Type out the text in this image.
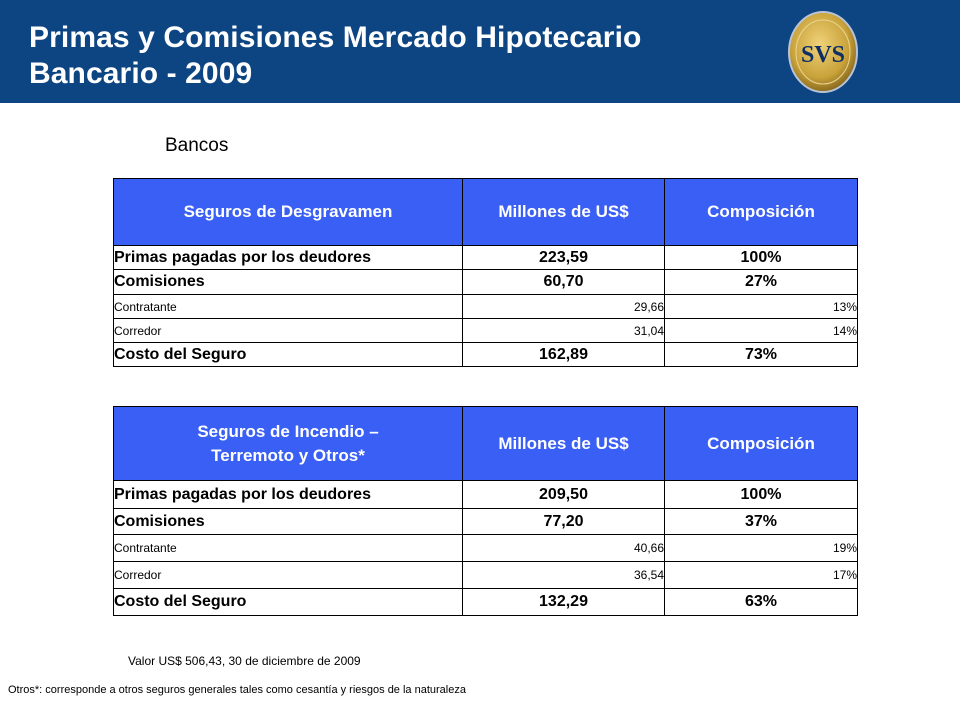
Primas y Comisiones Mercado Hipotecario
Bancario - 2009
SVS
Bancos
Seguros de Desgravamen	Millones de US$	Composición
Primas pagadas por los deudores	223,59	100%
Comisiones	60,70	27%
Contratante	29,66	13%
Corredor	31,04	14%
Costo del Seguro	162,89	73%
Seguros de Incendio – Terremoto y Otros*	Millones de US$	Composición
Primas pagadas por los deudores	209,50	100%
Comisiones	77,20	37%
Contratante	40,66	19%
Corredor	36,54	17%
Costo del Seguro	132,29	63%
Valor US$ 506,43, 30 de diciembre de 2009
Otros*: corresponde a otros seguros generales tales como cesantía y riesgos de la naturaleza
